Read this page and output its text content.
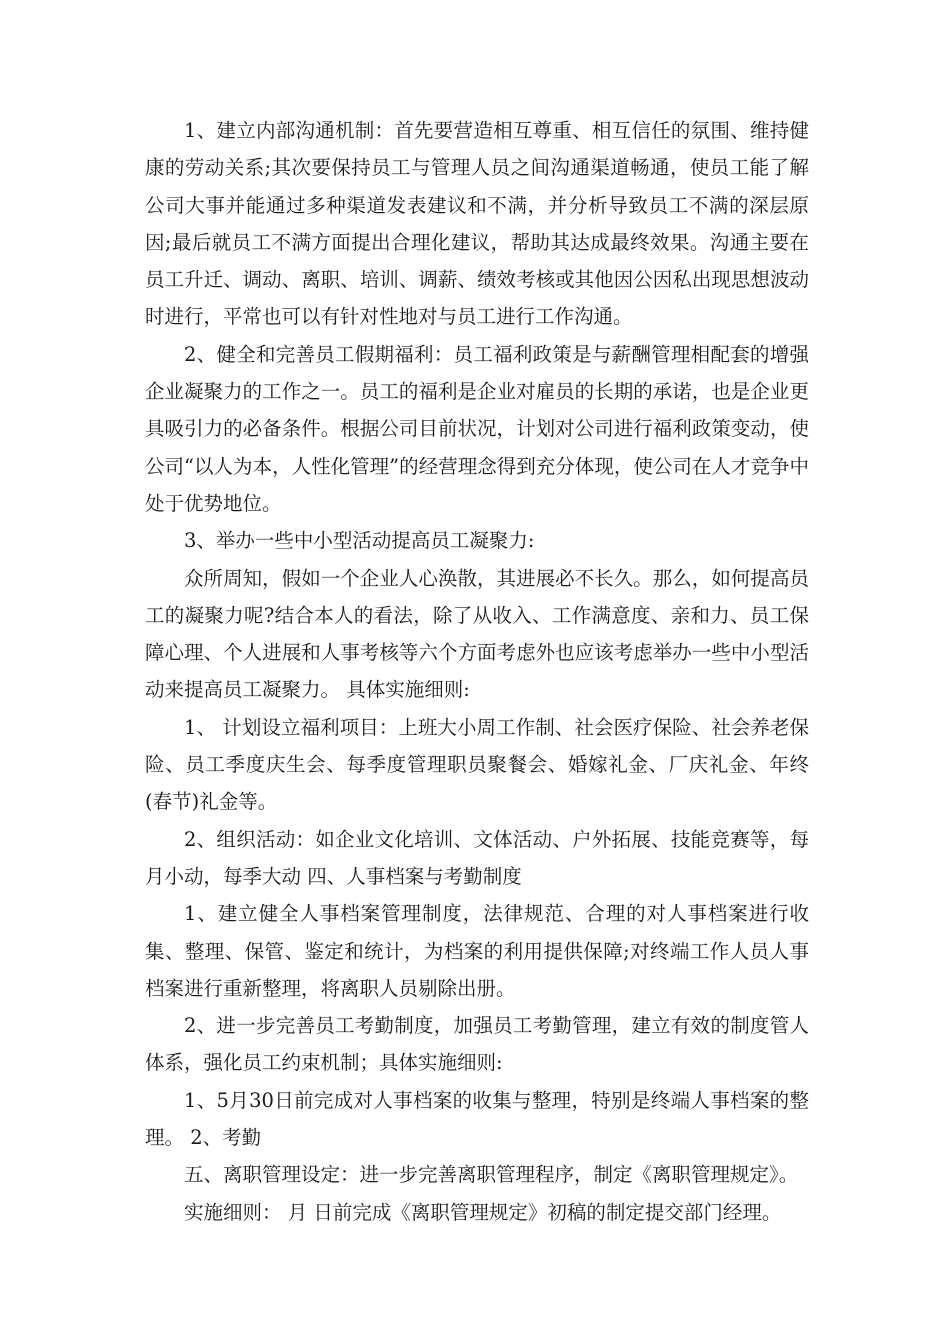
1、建立内部沟通机制：首先要营造相互尊重、相互信任的氛围、维持健康的劳动关系;其次要保持员工与管理人员之间沟通渠道畅通，使员工能了解公司大事并能通过多种渠道发表建议和不满，并分析导致员工不满的深层原因;最后就员工不满方面提出合理化建议，帮助其达成最终效果。沟通主要在员工升迁、调动、离职、培训、调薪、绩效考核或其他因公因私出现思想波动时进行，平常也可以有针对性地对与员工进行工作沟通。

2、健全和完善员工假期福利：员工福利政策是与薪酬管理相配套的增强企业凝聚力的工作之一。员工的福利是企业对雇员的长期的承诺，也是企业更具吸引力的必备条件。根据公司目前状况，计划对公司进行福利政策变动，使公司“以人为本，人性化管理”的经营理念得到充分体现，使公司在人才竞争中处于优势地位。

3、举办一些中小型活动提高员工凝聚力:

众所周知，假如一个企业人心涣散，其进展必不长久。那么，如何提高员工的凝聚力呢?结合本人的看法，除了从收入、工作满意度、亲和力、员工保障心理、个人进展和人事考核等六个方面考虑外也应该考虑举办一些中小型活动来提高员工凝聚力。 具体实施细则:

1、 计划设立福利项目：上班大小周工作制、社会医疗保险、社会养老保险、员工季度庆生会、每季度管理职员聚餐会、婚嫁礼金、厂庆礼金、年终(春节)礼金等。

2、组织活动：如企业文化培训、文体活动、户外拓展、技能竞赛等，每月小动，每季大动 四、人事档案与考勤制度

1、建立健全人事档案管理制度，法律规范、合理的对人事档案进行收集、整理、保管、鉴定和统计，为档案的利用提供保障;对终端工作人员人事档案进行重新整理，将离职人员剔除出册。

2、进一步完善员工考勤制度，加强员工考勤管理，建立有效的制度管人体系，强化员工约束机制；具体实施细则:

1、5月30日前完成对人事档案的收集与整理，特别是终端人事档案的整理。 2、考勤

五、离职管理设定：进一步完善离职管理程序，制定《离职管理规定》。

实施细则： 月 日前完成《离职管理规定》初稿的制定提交部门经理。
